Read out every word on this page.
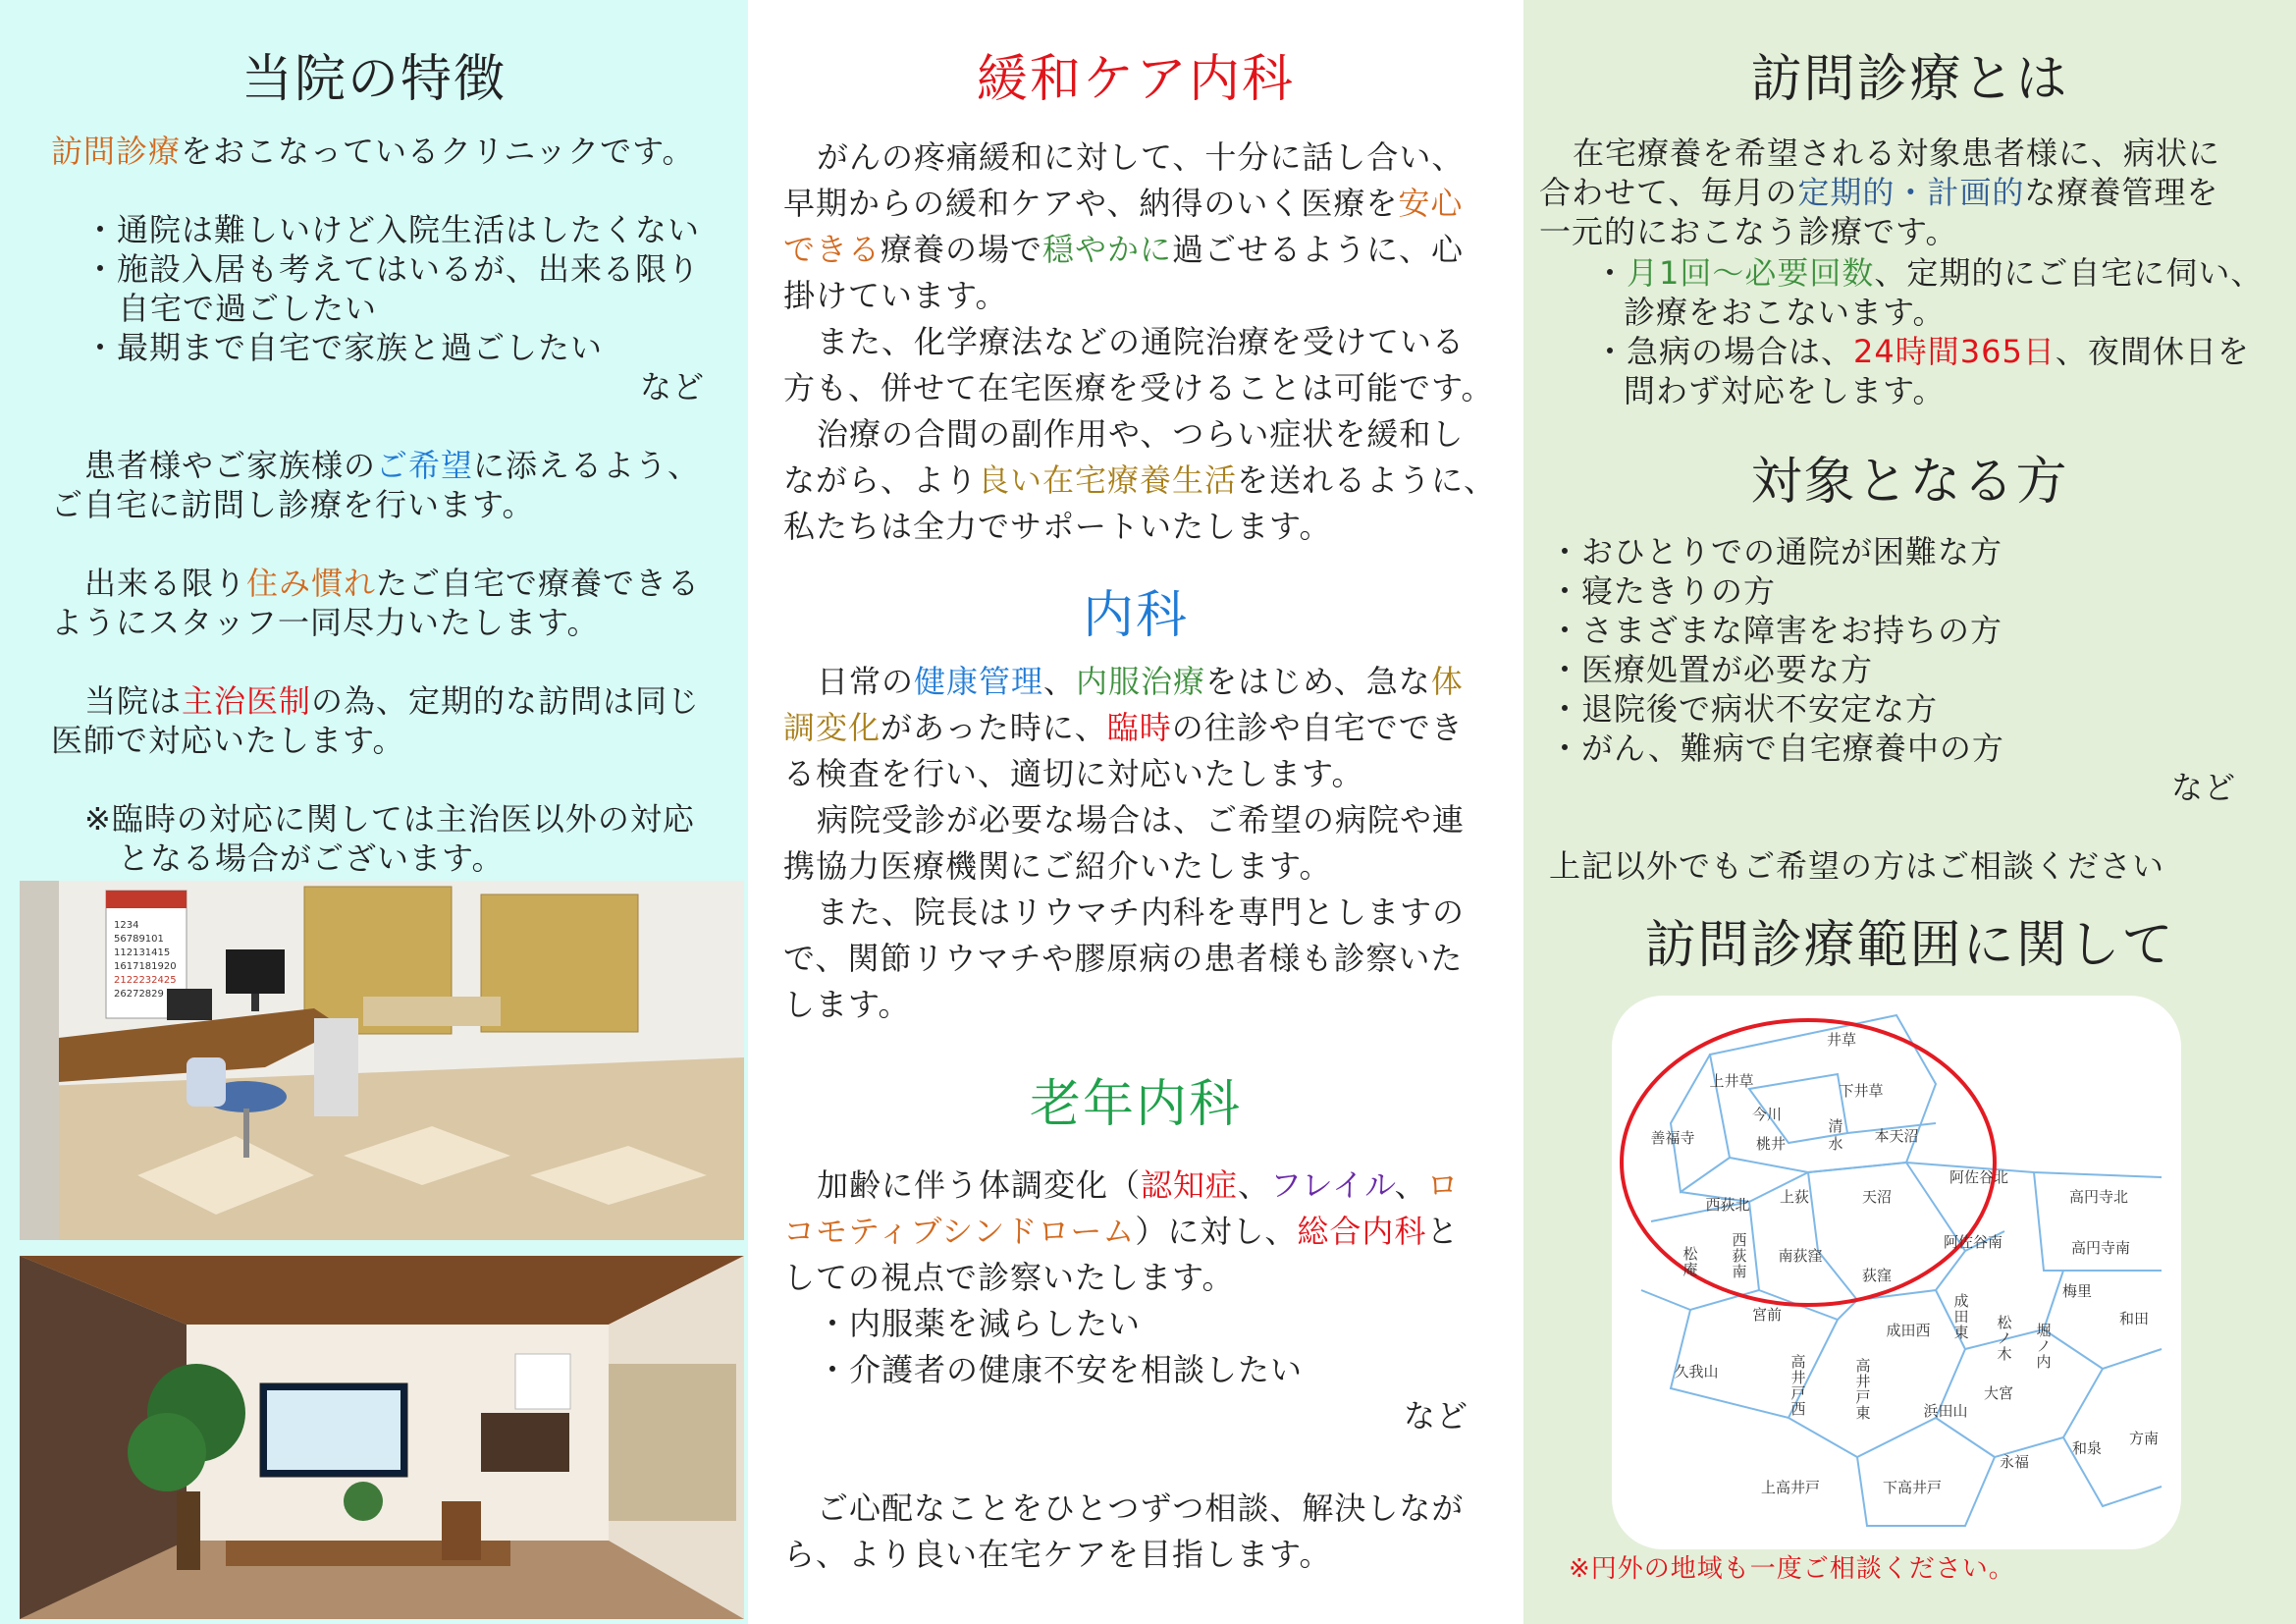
当院の特徴
訪問診療をおこなっているクリニックです。
・通院は難しいけど入院生活はしたくない
・施設入居も考えてはいるが、出来る限り
自宅で過ごしたい
・最期まで自宅で家族と過ごしたい
など
患者様やご家族様のご希望に添えるよう、
ご自宅に訪問し診療を行います。
出来る限り住み慣れたご自宅で療養できる
ようにスタッフ一同尽力いたします。
当院は主治医制の為、定期的な訪問は同じ
医師で対応いたします。
※臨時の対応に関しては主治医以外の対応
となる場合がございます。
1234
56789101
112131415
1617181920
2122232425
26272829
緩和ケア内科
がんの疼痛緩和に対して、十分に話し合い、
早期からの緩和ケアや、納得のいく医療を安心
できる療養の場で穏やかに過ごせるように、心
掛けています。
また、化学療法などの通院治療を受けている
方も、併せて在宅医療を受けることは可能です。
治療の合間の副作用や、つらい症状を緩和し
ながら、より良い在宅療養生活を送れるように、
私たちは全力でサポートいたします。
内科
日常の健康管理、内服治療をはじめ、急な体
調変化があった時に、臨時の往診や自宅ででき
る検査を行い、適切に対応いたします。
病院受診が必要な場合は、ご希望の病院や連
携協力医療機関にご紹介いたします。
また、院長はリウマチ内科を専門としますの
で、関節リウマチや膠原病の患者様も診察いた
します。
老年内科
加齢に伴う体調変化（認知症、フレイル、ロ
コモティブシンドローム）に対し、総合内科と
しての視点で診察いたします。
・内服薬を減らしたい
・介護者の健康不安を相談したい
など
ご心配なことをひとつずつ相談、解決しなが
ら、より良い在宅ケアを目指します。
訪問診療とは
在宅療養を希望される対象患者様に、病状に
合わせて、毎月の定期的・計画的な療養管理を
一元的におこなう診療です。
・月1回〜必要回数、定期的にご自宅に伺い、
診療をおこないます。
・急病の場合は、24時間365日、夜間休日を
問わず対応をします。
対象となる方
・おひとりでの通院が困難な方
・寝たきりの方
・さまざまな障害をお持ちの方
・医療処置が必要な方
・退院後で病状不安定な方
・がん、難病で自宅療養中の方
など
上記以外でもご希望の方はご相談ください
訪問診療範囲に関して
井草
上井草
下井草
今川
善福寺	桃井
清
水 本天沼
阿佐谷北
西荻北 上荻	天沼	高円寺北
西
荻
南
松
庵
南荻窪
荻窪
阿佐谷南	高円寺南
宮前
成
田
東
梅里
成田西	松
ノ
木
堀
ノ
内
和田
久我山
高
井
戸
西
高
井
戸
東	浜田山
大宮
方南
和泉
永福
上高井戸	下高井戸
※円外の地域も一度ご相談ください。
